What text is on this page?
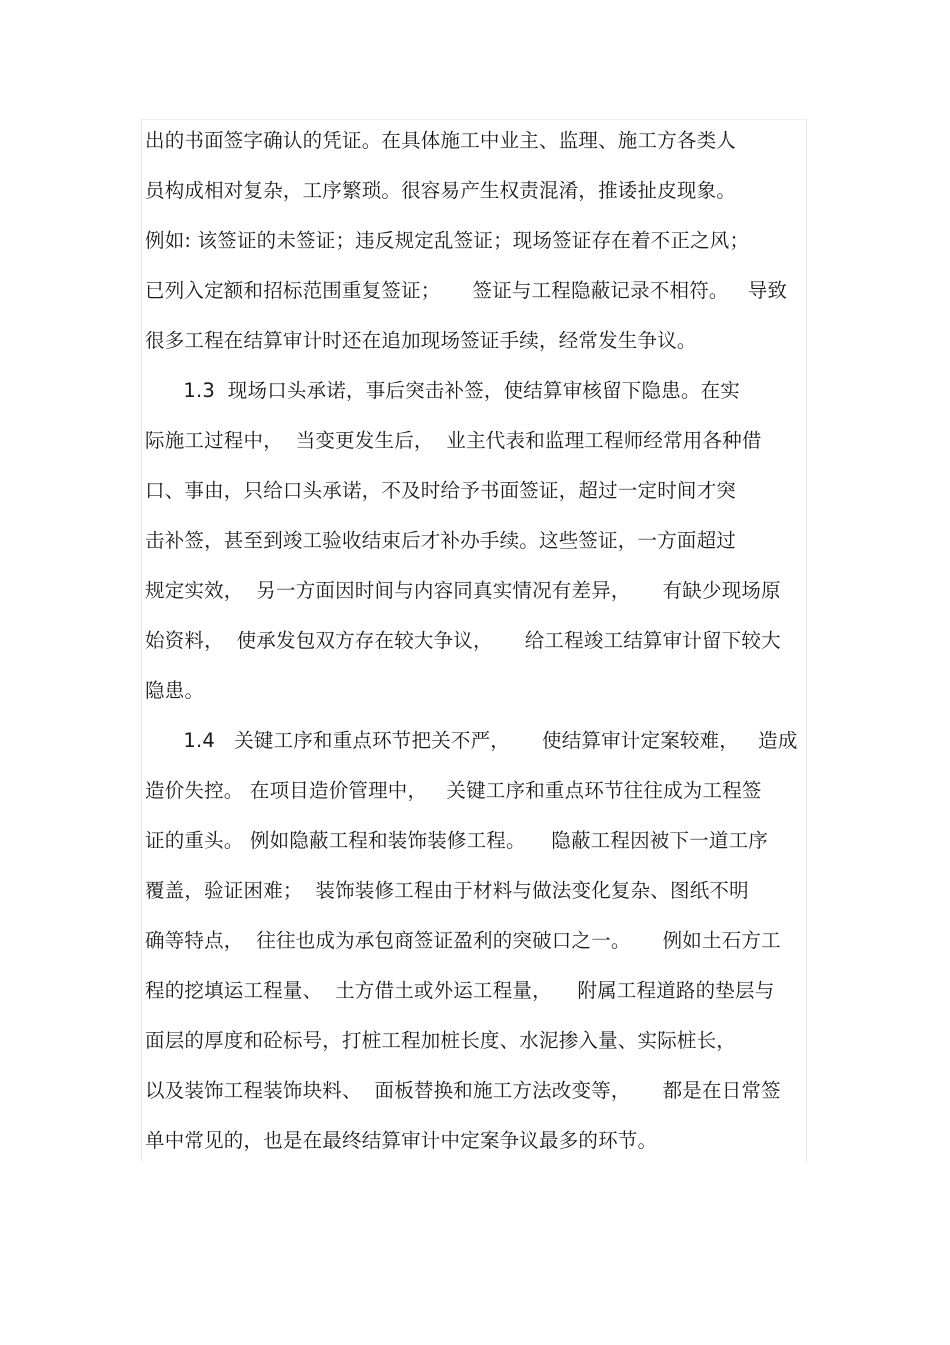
出的书面签字确认的凭证。在具体施工中业主、监理、施工方各类人
员构成相对复杂，工序繁琐。很容易产生权责混淆，推诿扯皮现象。
例如: 该签证的未签证；违反规定乱签证；现场签证存在着不正之风；
已列入定额和招标范围重复签证；     签证与工程隐蔽记录不相符。   导致
很多工程在结算审计时还在追加现场签证手续，经常发生争议。
1.3  现场口头承诺，事后突击补签，使结算审核留下隐患。在实
际施工过程中，  当变更发生后，  业主代表和监理工程师经常用各种借
口、事由，只给口头承诺，不及时给予书面签证，超过一定时间才突
击补签，甚至到竣工验收结束后才补办手续。这些签证，一方面超过
规定实效，  另一方面因时间与内容同真实情况有差异，     有缺少现场原
始资料，  使承发包双方存在较大争议，     给工程竣工结算审计留下较大
隐患。
1.4   关键工序和重点环节把关不严，     使结算审计定案较难，   造成
造价失控。 在项目造价管理中，   关键工序和重点环节往往成为工程签
证的重头。 例如隐蔽工程和装饰装修工程。    隐蔽工程因被下一道工序
覆盖，验证困难；  装饰装修工程由于材料与做法变化复杂、图纸不明
确等特点，  往往也成为承包商签证盈利的突破口之一。     例如土石方工
程的挖填运工程量、  土方借土或外运工程量，    附属工程道路的垫层与
面层的厚度和砼标号，打桩工程加桩长度、水泥掺入量、实际桩长，
以及装饰工程装饰块料、  面板替换和施工方法改变等，     都是在日常签
单中常见的，也是在最终结算审计中定案争议最多的环节。
